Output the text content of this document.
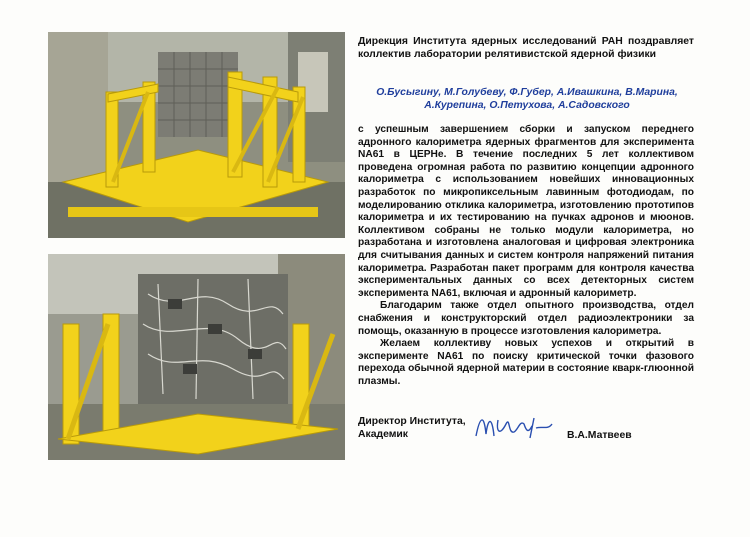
Дирекция Института ядерных исследований РАН поздравляет коллектив лаборатории релятивистской ядерной физики
О.Бусыгину, М.Голубеву, Ф.Губер, А.Ивашкина, В.Марина, А.Курепина, О.Петухова, А.Садовского

с успешным завершением сборки и запуском переднего адронного калориметра ядерных фрагментов для эксперимента NA61 в ЦЕРНе. В течение последних 5 лет коллективом проведена огромная работа по развитию концепции адронного калориметра с использованием новейших инновационных разработок по микропиксельным лавинным фотодиодам, по моделированию отклика калориметра, изготовлению прототипов калориметра и их тестированию на пучках адронов и мюонов. Коллективом собраны не только модули калориметра, но разработана и изготовлена аналоговая и цифровая электроника для считывания данных и систем контроля напряжений питания калориметра. Разработан пакет программ для контроля качества экспериментальных данных со всех детекторных систем эксперимента NA61, включая и адронный калориметр.

Благодарим также отдел опытного производства, отдел снабжения и конструкторский отдел радиоэлектроники за помощь, оказанную в процессе изготовления калориметра.

Желаем коллективу новых успехов и открытий в эксперименте NA61 по поиску критической точки фазового перехода обычной ядерной материи в состояние кварк-глюонной плазмы.

Директор Института,
Академик	В.А.Матвеев
